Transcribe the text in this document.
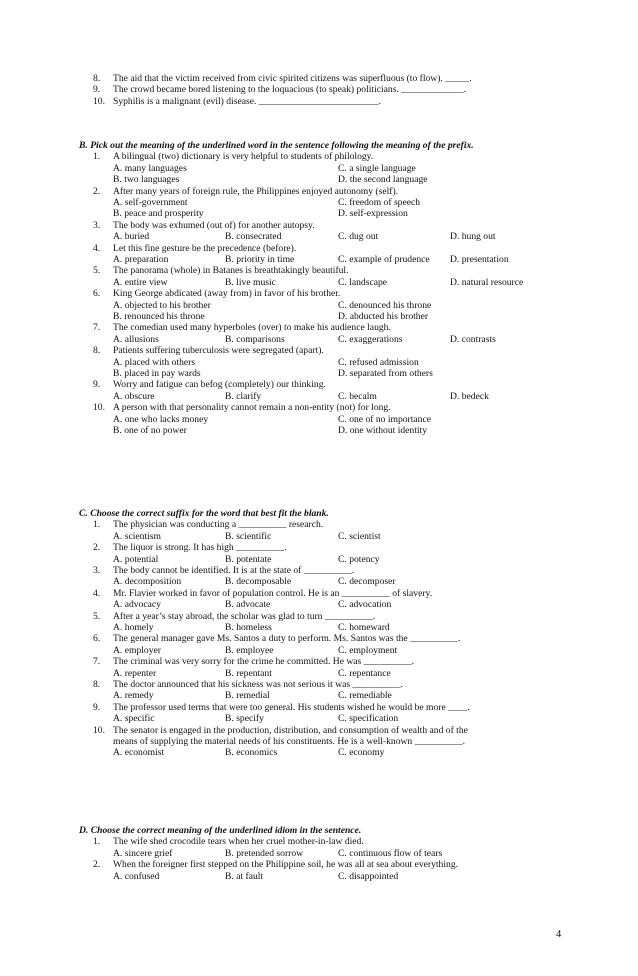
8. The aid that the victim received from civic spirited citizens was superfluous (to flow). _____.
9. The crowd became bored listening to the loquacious (to speak) politicians. _____________.
10. Syphilis is a malignant (evil) disease. _________________________.
B. Pick out the meaning of the underlined word in the sentence following the meaning of the prefix.
1. A bilingual (two) dictionary is very helpful to students of philology.
A. many languages	C. a single language
B. two languages	D. the second language
2. After many years of foreign rule, the Philippines enjoyed autonomy (self).
A. self-government	C. freedom of speech
B. peace and prosperity	D. self-expression
3. The body was exhumed (out of) for another autopsy.
A. buried	B. consecrated	C. dug out	D. hung out
4. Let this fine gesture be the precedence (before).
A. preparation	B. priority in time	C. example of prudence D. presentation
5. The panorama (whole) in Batanes is breathtakingly beautiful.
A. entire view	B. live music	C. landscape	D. natural resource
6. King George abdicated (away from) in favor of his brother.
A. objected to his brother	C. denounced his throne
B. renounced his throne	D. abducted his brother
7. The comedian used many hyperboles (over) to make his audience laugh.
A. allusions	B. comparisons	C. exaggerations	D. contrasts
8. Patients suffering tuberculosis were segregated (apart).
A. placed with others	C. refused admission
B. placed in pay wards	D. separated from others
9. Worry and fatigue can befog (completely) our thinking.
A. obscure	B. clarify	C. becalm	D. bedeck
10. A person with that personality cannot remain a non-entity (not) for long.
A. one who lacks money	C. one of no importance
B. one of no power	D. one without identity
C. Choose the correct suffix for the word that best fit the blank.
1. The physician was conducting a __________ research.
A. scientism	B. scientific	C. scientist
2. The liquor is strong. It has high __________.
A. potential	B. potentate	C. potency
3. The body cannot be identified. It is at the state of __________.
A. decomposition	B. decomposable	C. decomposer
4. Mr. Flavier worked in favor of population control. He is an __________ of slavery.
A. advocacy	B. advocate	C. advocation
5. After a year’s stay abroad, the scholar was glad to turn __________.
A. homely	B. homeless	C. homeward
6. The general manager gave Ms. Santos a duty to perform. Ms. Santos was the __________.
A. employer	B. employee	C. employment
7. The criminal was very sorry for the crime he committed. He was __________.
A. repenter	B. repentant	C. repentance
8. The doctor announced that his sickness was not serious it was __________.
A. remedy	B. remedial	C. remediable
9. The professor used terms that were too general. His students wished he would be more ____.
A. specific	B. specify	C. specification
10. The senator is engaged in the production, distribution, and consumption of wealth and of the
means of supplying the material needs of his constituents. He is a well-known __________.
A. economist	B. economics	C. economy
D. Choose the correct meaning of the underlined idiom in the sentence.
1. The wife shed crocodile tears when her cruel mother-in-law died.
A. sincere grief	B. pretended sorrow	C. continuous flow of tears
2. When the foreigner first stepped on the Philippine soil, he was all at sea about everything.
A. confused	B. at fault	C. disappointed
4
